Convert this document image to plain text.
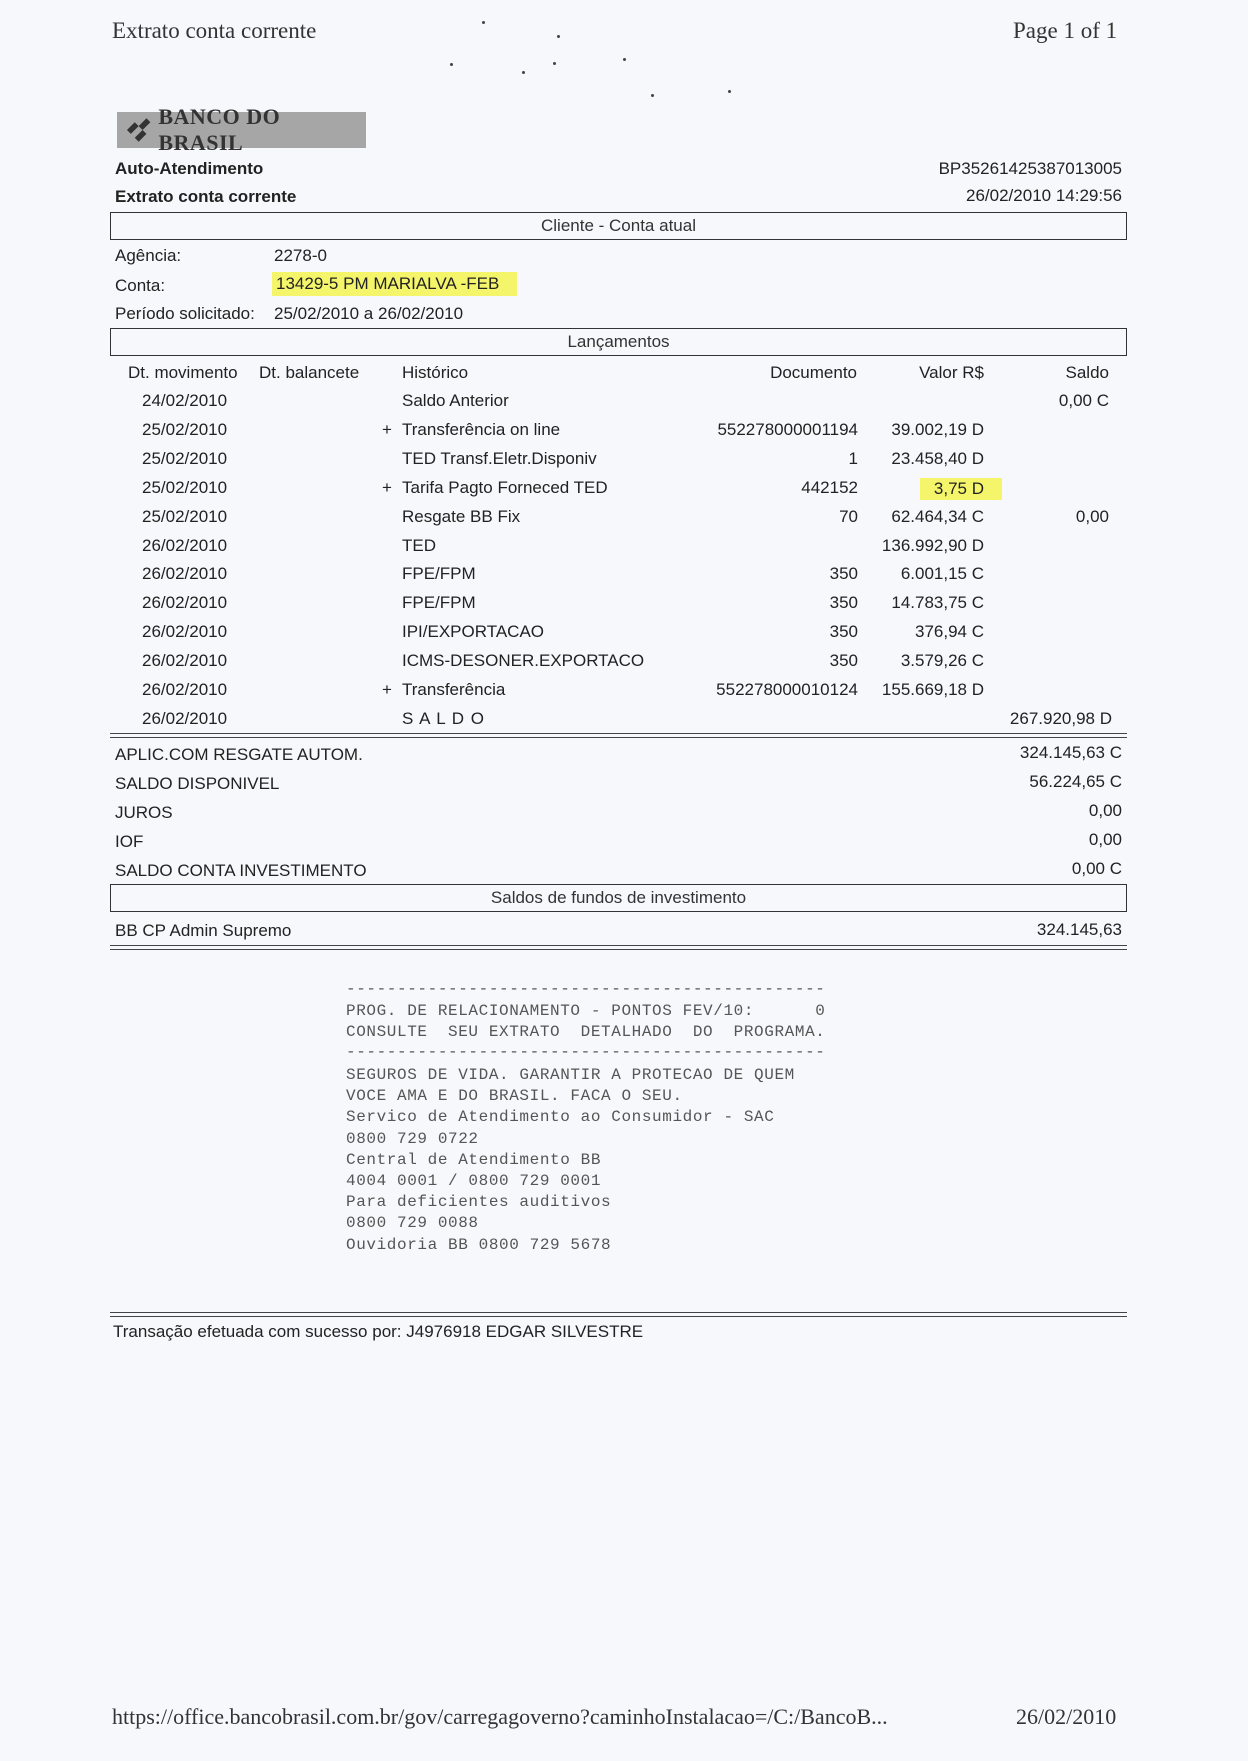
Extrato conta corrente	Page 1 of 1
BANCO DO BRASIL
Auto-Atendimento
Extrato conta corrente
BP35261425387013005
26/02/2010 14:29:56
Cliente - Conta atual
Agência:	2278-0
Conta:	13429-5 PM MARIALVA -FEB
Período solicitado: 25/02/2010 a 26/02/2010
Lançamentos
Dt. movimento Dt. balancete	Histórico	Documento	Valor R$	Saldo
24/02/2010	Saldo Anterior	0,00 C
25/02/2010	+ Transferência on line	552278000001194 39.002,19 D
25/02/2010	TED Transf.Eletr.Disponiv	1 23.458,40 D
25/02/2010	+ Tarifa Pagto Forneced TED	442152	3,75 D
25/02/2010	Resgate BB Fix	70 62.464,34 C	0,00
26/02/2010	TED	136.992,90 D
26/02/2010	FPE/FPM	350	6.001,15 C
26/02/2010	FPE/FPM	350 14.783,75 C
26/02/2010	IPI/EXPORTACAO	350	376,94 C
26/02/2010	ICMS-DESONER.EXPORTACO	350	3.579,26 C
26/02/2010	+ Transferência	552278000010124 155.669,18 D
26/02/2010	S A L D O	267.920,98 D
APLIC.COM RESGATE AUTOM.	324.145,63 C
SALDO DISPONIVEL	56.224,65 C
JUROS	0,00
IOF	0,00
SALDO CONTA INVESTIMENTO	0,00 C
Saldos de fundos de investimento
BB CP Admin Supremo	324.145,63
-----------------------------------------------
PROG. DE RELACIONAMENTO - PONTOS FEV/10:      0
CONSULTE  SEU EXTRATO  DETALHADO  DO  PROGRAMA.
-----------------------------------------------
SEGUROS DE VIDA. GARANTIR A PROTECAO DE QUEM
VOCE AMA E DO BRASIL. FACA O SEU.
Servico de Atendimento ao Consumidor - SAC
0800 729 0722
Central de Atendimento BB
4004 0001 / 0800 729 0001
Para deficientes auditivos
0800 729 0088
Ouvidoria BB 0800 729 5678
Transação efetuada com sucesso por: J4976918 EDGAR SILVESTRE
https://office.bancobrasil.com.br/gov/carregagoverno?caminhoInstalacao=/C:/BancoB...	26/02/2010
